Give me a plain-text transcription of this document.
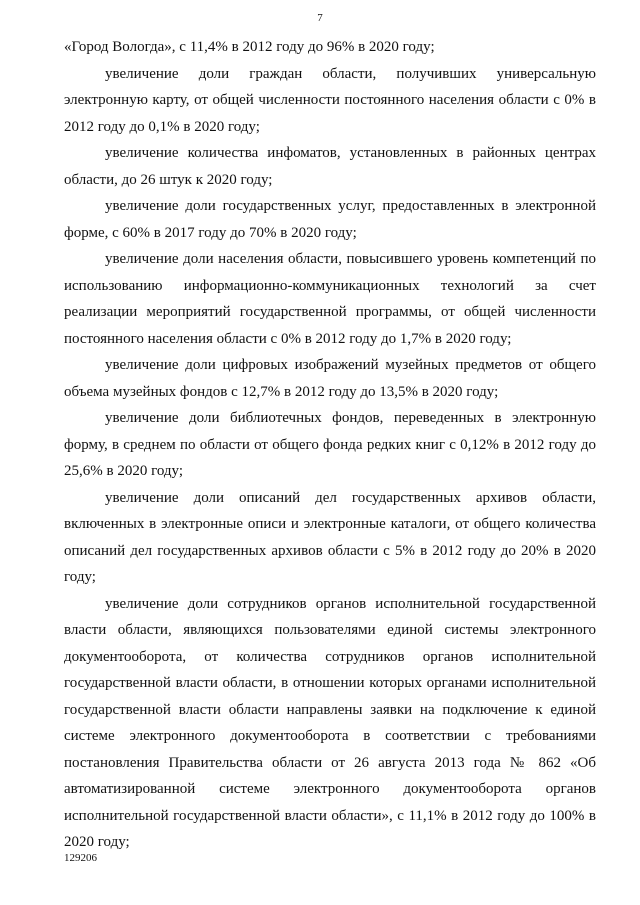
7

«Город Вологда», с 11,4% в 2012 году до 96% в 2020 году;

увеличение доли граждан области, получивших универсальную электронную карту, от общей численности постоянного населения области с 0% в 2012 году до 0,1% в 2020 году;

увеличение количества инфоматов, установленных в районных центрах области, до 26 штук к 2020 году;

увеличение доли государственных услуг, предоставленных в электронной форме, с 60% в 2017 году до 70% в 2020 году;

увеличение доли населения области, повысившего уровень компетенций по использованию информационно-коммуникационных технологий за счет реализации мероприятий государственной программы, от общей численности постоянного населения области с 0% в 2012 году до 1,7% в 2020 году;

увеличение доли цифровых изображений музейных предметов от общего объема музейных фондов с 12,7% в 2012 году до 13,5% в 2020 году;

увеличение доли библиотечных фондов, переведенных в электронную форму, в среднем по области от общего фонда редких книг с 0,12% в 2012 году до 25,6% в 2020 году;

увеличение доли описаний дел государственных архивов области, включенных в электронные описи и электронные каталоги, от общего количества описаний дел государственных архивов области с 5% в 2012 году до 20% в 2020 году;

увеличение доли сотрудников органов исполнительной государственной власти области, являющихся пользователями единой системы электронного документооборота, от количества сотрудников органов исполнительной государственной власти области, в отношении которых органами исполнительной государственной власти области направлены заявки на подключение к единой системе электронного документооборота в соответствии с требованиями постановления Правительства области от 26 августа 2013 года № 862 «Об автоматизированной системе электронного документооборота органов исполнительной государственной власти области», с 11,1% в 2012 году до 100% в 2020 году;

129206
